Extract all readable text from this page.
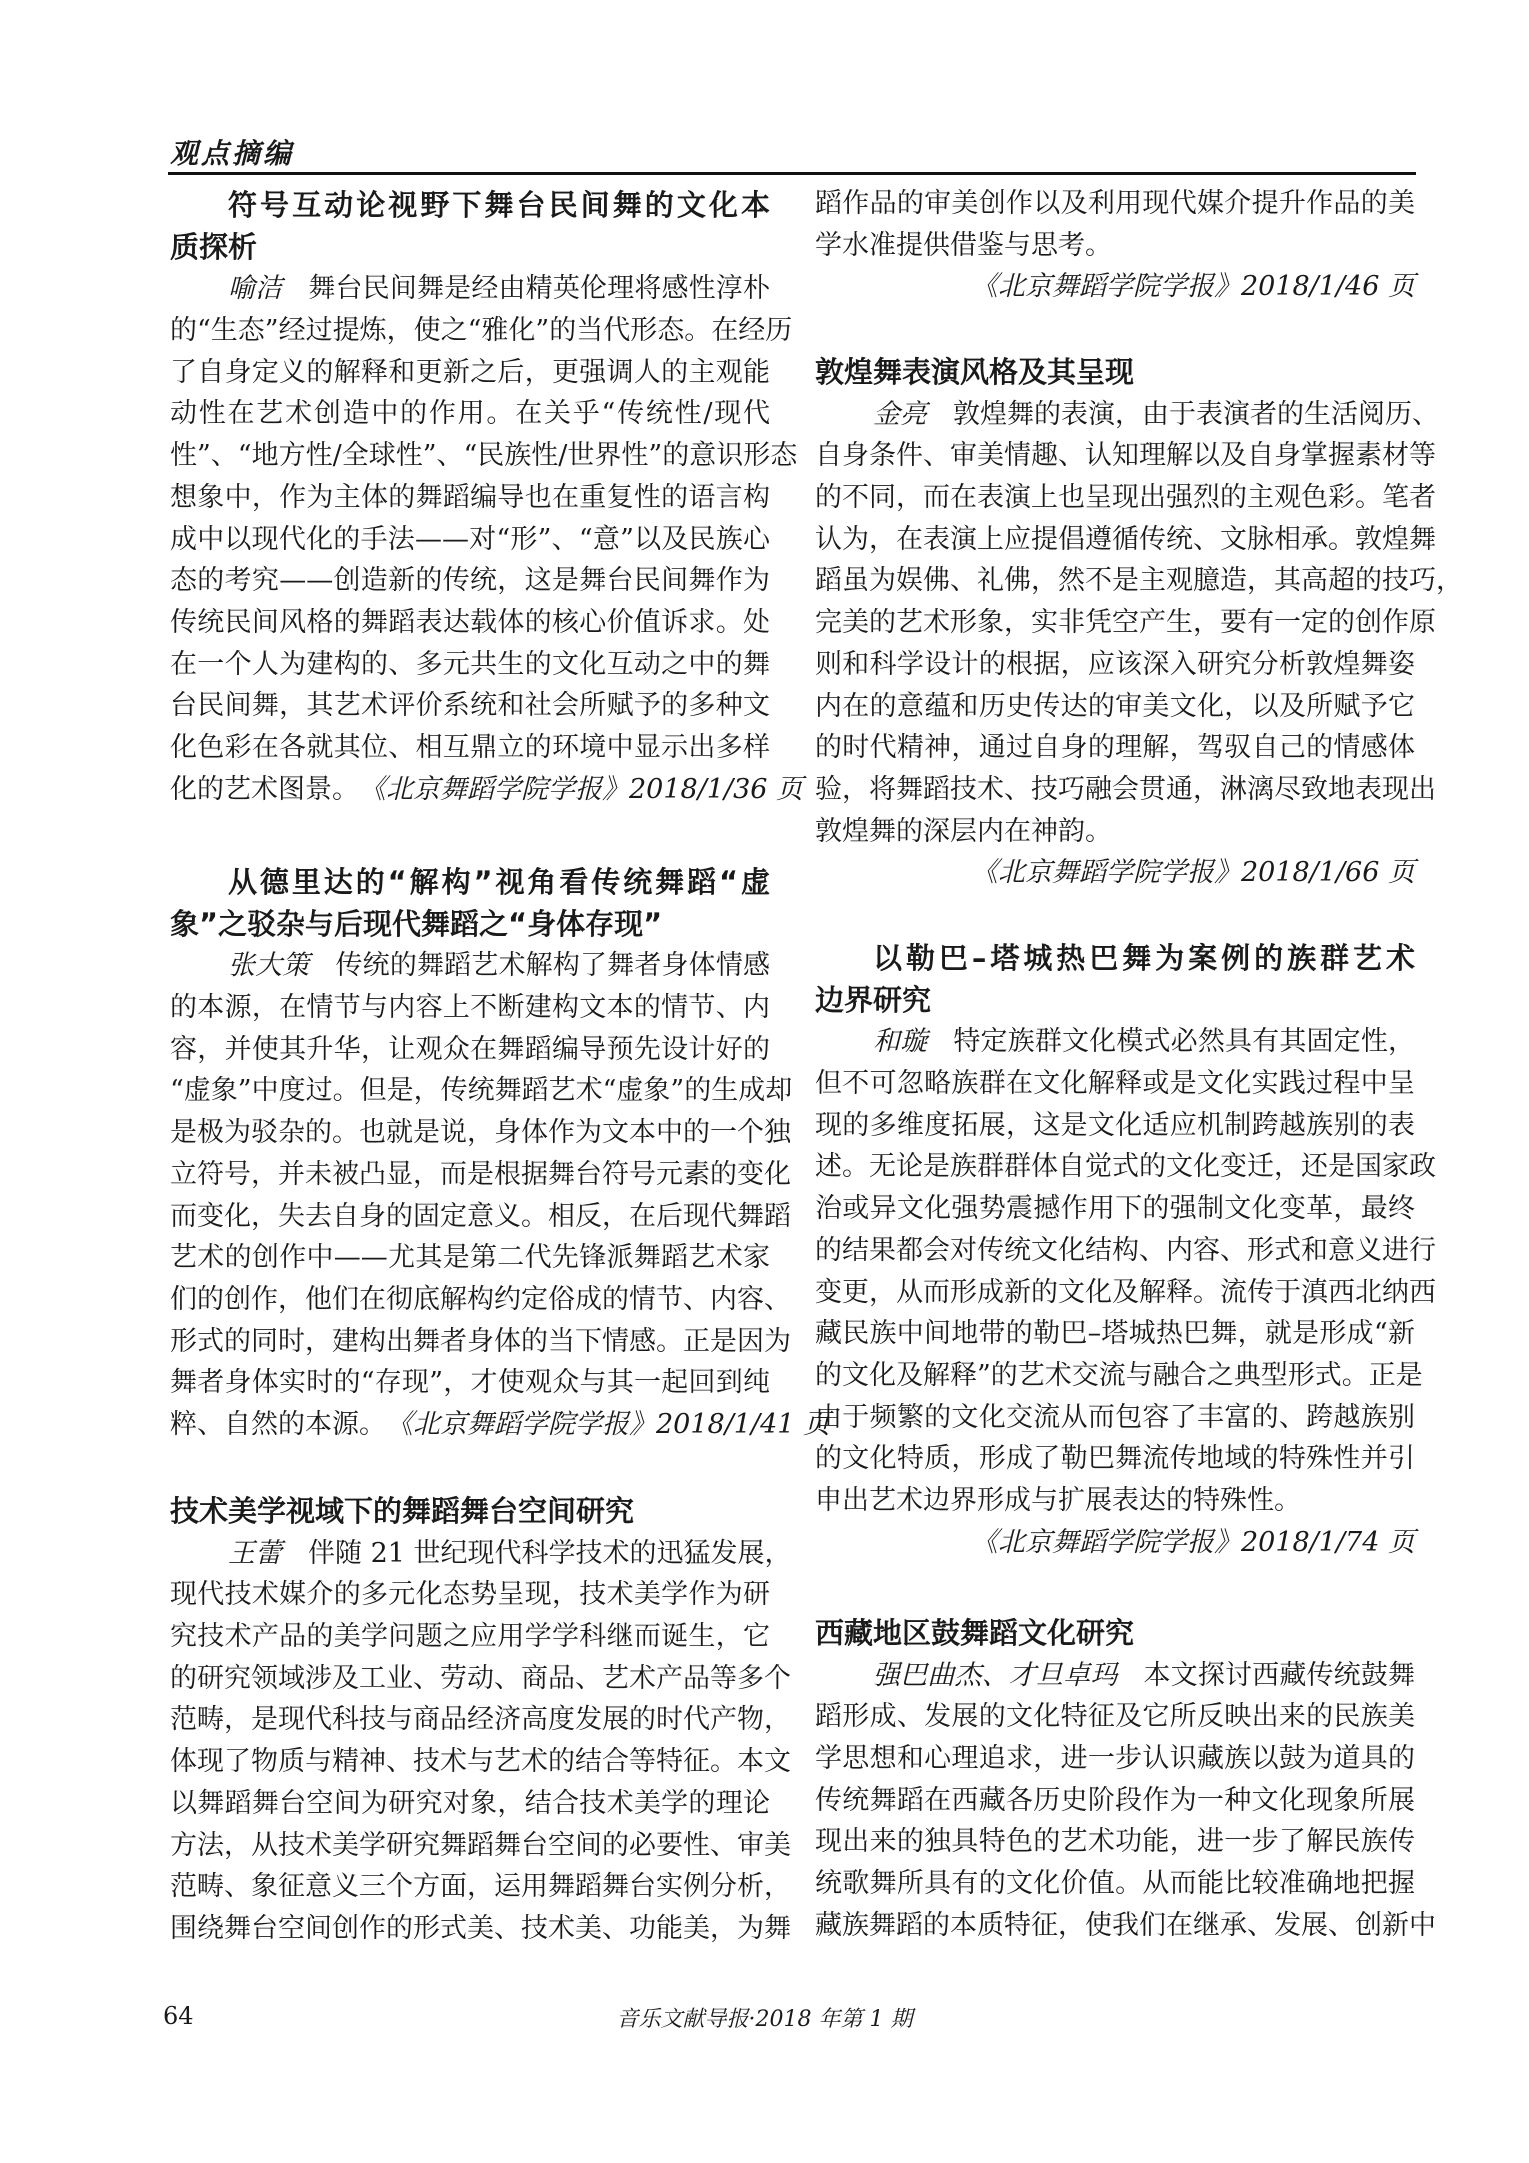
观点摘编
符号互动论视野下舞台民间舞的文化本
质探析
喻洁 舞台民间舞是经由精英伦理将感性淳朴
的“生态”经过提炼，使之“雅化”的当代形态。在经历
了自身定义的解释和更新之后，更强调人的主观能
动性在艺术创造中的作用。在关乎“传统性/现代
性”、“地方性/全球性”、“民族性/世界性”的意识形态
想象中，作为主体的舞蹈编导也在重复性的语言构
成中以现代化的手法——对“形”、“意”以及民族心
态的考究——创造新的传统，这是舞台民间舞作为
传统民间风格的舞蹈表达载体的核心价值诉求。处
在一个人为建构的、多元共生的文化互动之中的舞
台民间舞，其艺术评价系统和社会所赋予的多种文
化色彩在各就其位、相互鼎立的环境中显示出多样
化的艺术图景。 《北京舞蹈学院学报》2018/1/36 页
从德里达的“解构”视角看传统舞蹈“虚
象”之驳杂与后现代舞蹈之“身体存现”
张大策 传统的舞蹈艺术解构了舞者身体情感
的本源，在情节与内容上不断建构文本的情节、内
容，并使其升华，让观众在舞蹈编导预先设计好的
“虚象”中度过。但是，传统舞蹈艺术“虚象”的生成却
是极为驳杂的。也就是说，身体作为文本中的一个独
立符号，并未被凸显，而是根据舞台符号元素的变化
而变化，失去自身的固定意义。相反，在后现代舞蹈
艺术的创作中——尤其是第二代先锋派舞蹈艺术家
们的创作，他们在彻底解构约定俗成的情节、内容、
形式的同时，建构出舞者身体的当下情感。正是因为
舞者身体实时的“存现”，才使观众与其一起回到纯
粹、自然的本源。 《北京舞蹈学院学报》2018/1/41 页
技术美学视域下的舞蹈舞台空间研究
王蕾 伴随 21 世纪现代科学技术的迅猛发展，
现代技术媒介的多元化态势呈现，技术美学作为研
究技术产品的美学问题之应用学学科继而诞生，它
的研究领域涉及工业、劳动、商品、艺术产品等多个
范畴，是现代科技与商品经济高度发展的时代产物，
体现了物质与精神、技术与艺术的结合等特征。本文
以舞蹈舞台空间为研究对象，结合技术美学的理论
方法，从技术美学研究舞蹈舞台空间的必要性、审美
范畴、象征意义三个方面，运用舞蹈舞台实例分析，
围绕舞台空间创作的形式美、技术美、功能美，为舞
蹈作品的审美创作以及利用现代媒介提升作品的美
学水准提供借鉴与思考。
《北京舞蹈学院学报》2018/1/46 页
敦煌舞表演风格及其呈现
金亮 敦煌舞的表演，由于表演者的生活阅历、
自身条件、审美情趣、认知理解以及自身掌握素材等
的不同，而在表演上也呈现出强烈的主观色彩。笔者
认为，在表演上应提倡遵循传统、文脉相承。敦煌舞
蹈虽为娱佛、礼佛，然不是主观臆造，其高超的技巧，
完美的艺术形象，实非凭空产生，要有一定的创作原
则和科学设计的根据，应该深入研究分析敦煌舞姿
内在的意蕴和历史传达的审美文化，以及所赋予它
的时代精神，通过自身的理解，驾驭自己的情感体
验，将舞蹈技术、技巧融会贯通，淋漓尽致地表现出
敦煌舞的深层内在神韵。
《北京舞蹈学院学报》2018/1/66 页
以勒巴–塔城热巴舞为案例的族群艺术
边界研究
和璇 特定族群文化模式必然具有其固定性，
但不可忽略族群在文化解释或是文化实践过程中呈
现的多维度拓展，这是文化适应机制跨越族别的表
述。无论是族群群体自觉式的文化变迁，还是国家政
治或异文化强势震撼作用下的强制文化变革，最终
的结果都会对传统文化结构、内容、形式和意义进行
变更，从而形成新的文化及解释。流传于滇西北纳西
藏民族中间地带的勒巴–塔城热巴舞，就是形成“新
的文化及解释”的艺术交流与融合之典型形式。正是
由于频繁的文化交流从而包容了丰富的、跨越族别
的文化特质，形成了勒巴舞流传地域的特殊性并引
申出艺术边界形成与扩展表达的特殊性。
《北京舞蹈学院学报》2018/1/74 页
西藏地区鼓舞蹈文化研究
强巴曲杰、才旦卓玛 本文探讨西藏传统鼓舞
蹈形成、发展的文化特征及它所反映出来的民族美
学思想和心理追求，进一步认识藏族以鼓为道具的
传统舞蹈在西藏各历史阶段作为一种文化现象所展
现出来的独具特色的艺术功能，进一步了解民族传
统歌舞所具有的文化价值。从而能比较准确地把握
藏族舞蹈的本质特征，使我们在继承、发展、创新中
64	音乐文献导报·2018 年第 1 期
